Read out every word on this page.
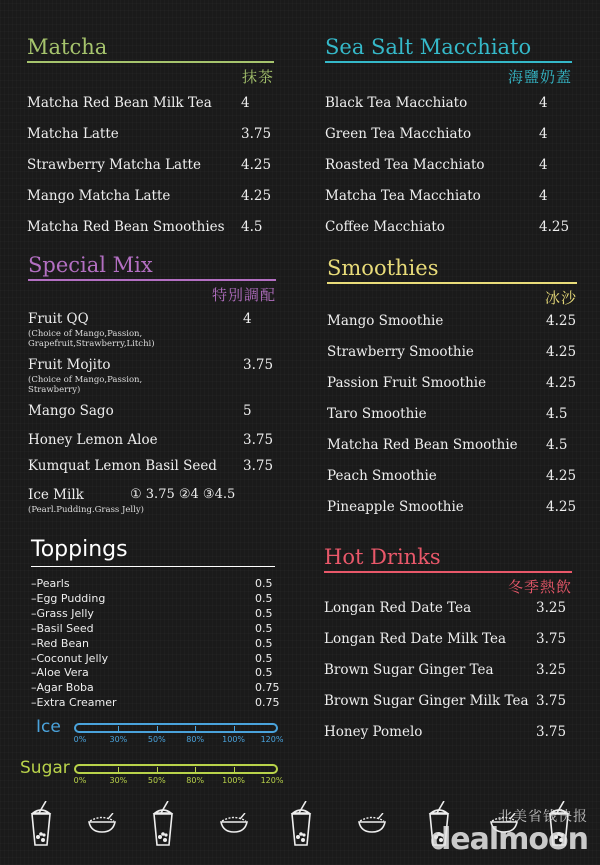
Matcha
抹茶
Matcha Red Bean Milk Tea 4
Matcha Latte	3.75
Strawberry Matcha Latte	4.25
Mango Matcha Latte	4.25
Matcha Red Bean Smoothies 4.5
Sea Salt Macchiato
海鹽奶蓋
Black Tea Macchiato	4
Green Tea Macchiato	4
Roasted Tea Macchiato	4
Matcha Tea Macchiato	4
Coffee Macchiato	4.25
Smoothies
冰沙
Mango Smoothie	4.25
Strawberry Smoothie	4.25
Passion Fruit Smoothie	4.25
Taro Smoothie	4.5
Matcha Red Bean Smoothie 4.5
Peach Smoothie	4.25
Pineapple Smoothie	4.25
Hot Drinks
冬季熱飲
Longan Red Date Tea	3.25
Longan Red Date Milk Tea 3.75
Brown Sugar Ginger Tea	3.25
Brown Sugar Ginger Milk Tea 3.75
Honey Pomelo	3.75
Special Mix
特別調配
Fruit QQ	4
(Choice of Mango,Passion,
Grapefruit,Strawberry,Litchi)
Fruit Mojito	3.75
(Choice of Mango,Passion,
Strawberry)
Mango Sago	5
Honey Lemon Aloe	3.75
Kumquat Lemon Basil Seed 3.75
Ice Milk	① 3.75 ②4 ③4.5
(Pearl.Pudding.Grass Jelly)
Toppings
–Pearls	0.5
–Egg Pudding	0.5
–Grass Jelly	0.5
–Basil Seed	0.5
–Red Bean	0.5
–Coconut Jelly	0.5
–Aloe Vera	0.5
–Agar Boba	0.75
–Extra Creamer	0.75
Ice
0%	30%	50%	80% 100% 120%
Sugar
0%	30%	50%	80% 100% 120%
北美省钱快报
dealmoon
